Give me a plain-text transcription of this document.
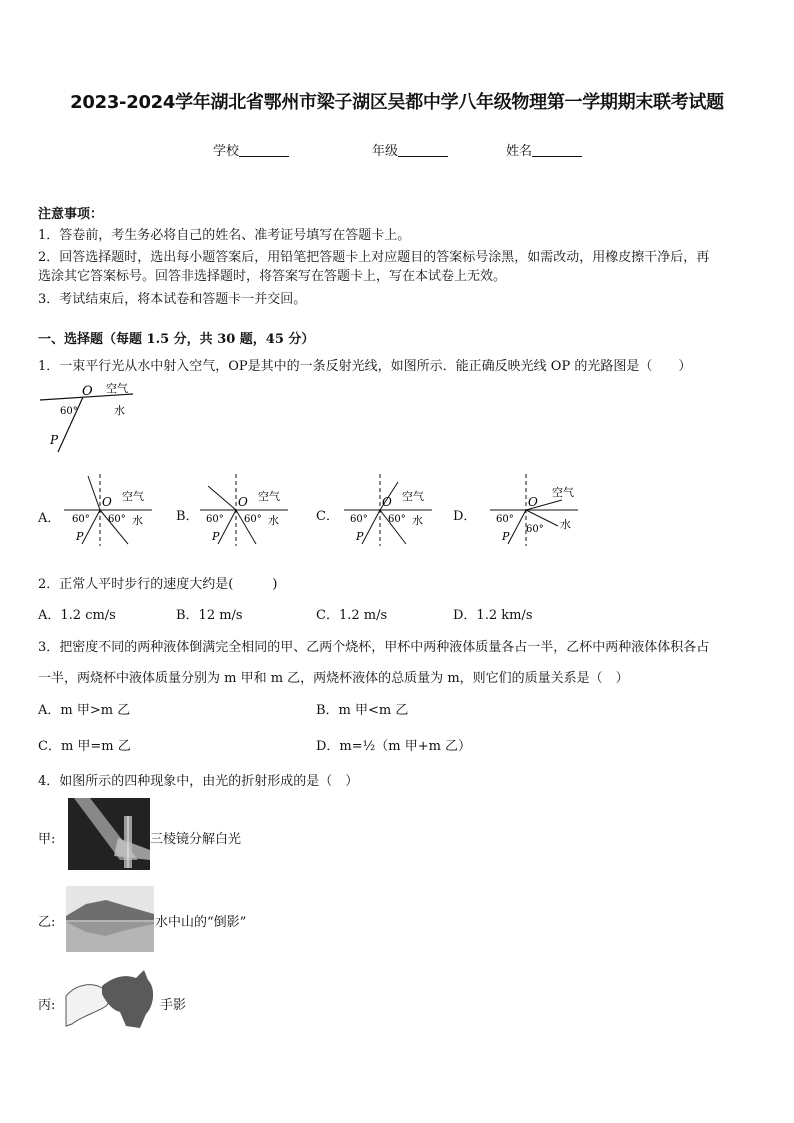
2023-2024学年湖北省鄂州市梁子湖区吴都中学八年级物理第一学期期末联考试题
学校	年级	姓名
注意事项：
1．答卷前，考生务必将自己的姓名、准考证号填写在答题卡上。
2．回答选择题时，选出每小题答案后，用铅笔把答题卡上对应题目的答案标号涂黑，如需改动，用橡皮擦干净后，再
选涂其它答案标号。回答非选择题时，将答案写在答题卡上，写在本试卷上无效。
3．考试结束后，将本试卷和答题卡一并交回。
一、选择题（每题 1.5 分，共 30 题，45 分）
1．一束平行光从水中射入空气，OP是其中的一条反射光线，如图所示．能正确反映光线 OP 的光路图是（　　）
O 空气
水
60°
P
A．
O 空气
水
60° 60°
P
B．
O 空气
水
60° 60°
P
C．
O 空气
水
60° 60°
P
D．
O
空气
水
60°
60°
P
2．正常人平时步行的速度大约是(　　　)
A．1.2 cm/s	B．12 m/s	C．1.2 m/s	D．1.2 km/s
3．把密度不同的两种液体倒满完全相同的甲、乙两个烧杯，甲杯中两种液体质量各占一半，乙杯中两种液体体积各占
一半，两烧杯中液体质量分别为 m 甲和 m 乙，两烧杯液体的总质量为 m，则它们的质量关系是（　）
A．m 甲>m 乙	B．m 甲<m 乙
C．m 甲=m 乙	D．m=½（m 甲+m 乙）
4．如图所示的四种现象中，由光的折射形成的是（　）
甲:	三棱镜分解白光
乙:	水中山的“倒影”
丙:	手影
